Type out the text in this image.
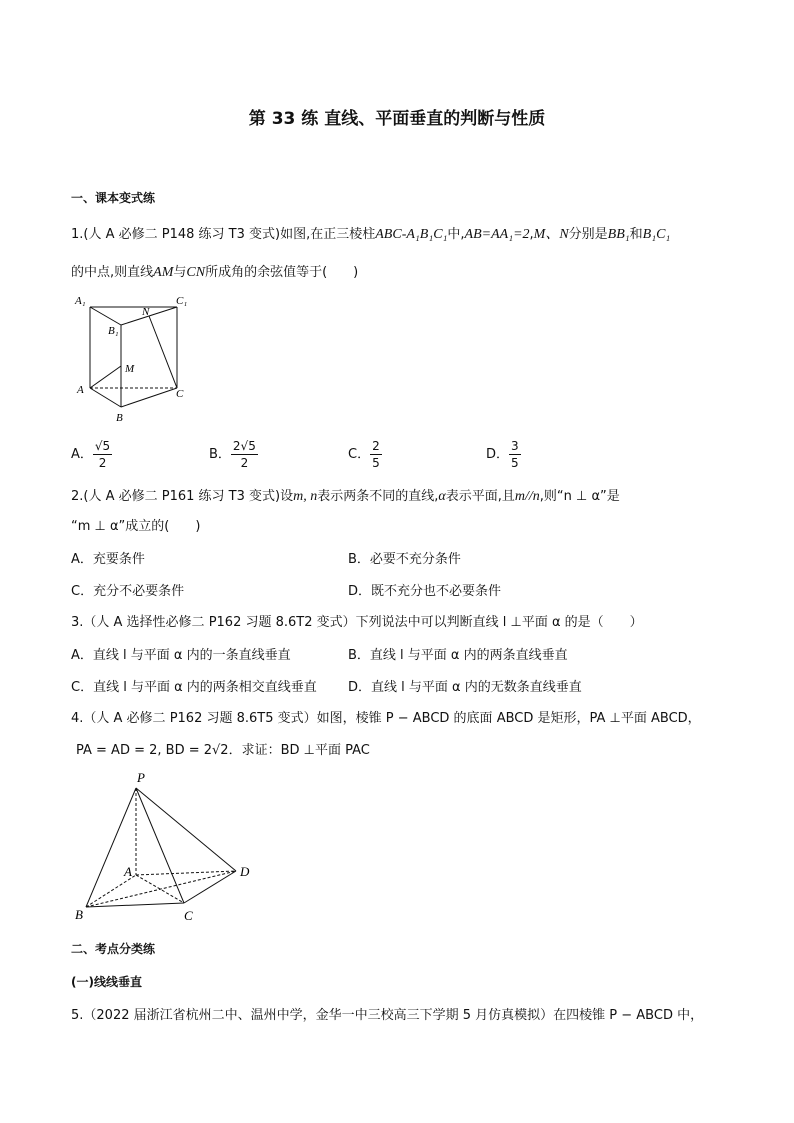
第 33 练 直线、平面垂直的判断与性质
一、课本变式练
1.(人 A 必修二 P148 练习 T3 变式)如图,在正三棱柱ABC-A₁B₁C₁中,AB=AA₁=2,M、N分别是BB₁和B₁C₁
的中点,则直线AM与CN所成角的余弦值等于(　　)
A₁	C₁
B₁
N
M
A	C
B
A． $\frac{√5}{2}$	B． $\frac{2√5}{2}$	C． $\frac{2}{5}$	D． $\frac{3}{5}$
2.(人 A 必修二 P161 练习 T3 变式)设m, n表示两条不同的直线,α表示平面,且m//n,则“n ⊥ α”是
“m ⊥ α”成立的(　　)
A．充要条件	B．必要不充分条件
C．充分不必要条件	D．既不充分也不必要条件
3.（人 A 选择性必修二 P162 习题 8.6T2 变式）下列说法中可以判断直线 l ⊥平面 α 的是（　　）
A．直线 l 与平面 α 内的一条直线垂直	B．直线 l 与平面 α 内的两条直线垂直
C．直线 l 与平面 α 内的两条相交直线垂直 D．直线 l 与平面 α 内的无数条直线垂直
4.（人 A 必修二 P162 习题 8.6T5 变式）如图，棱锥 P − ABCD 的底面 ABCD 是矩形，PA ⊥平面 ABCD，
PA = AD = 2, BD = 2√2．求证：BD ⊥平面 PAC
P
A	D
B	C
二、考点分类练
(一)线线垂直
5.（2022 届浙江省杭州二中、温州中学，金华一中三校高三下学期 5 月仿真模拟）在四棱锥 P − ABCD 中，
